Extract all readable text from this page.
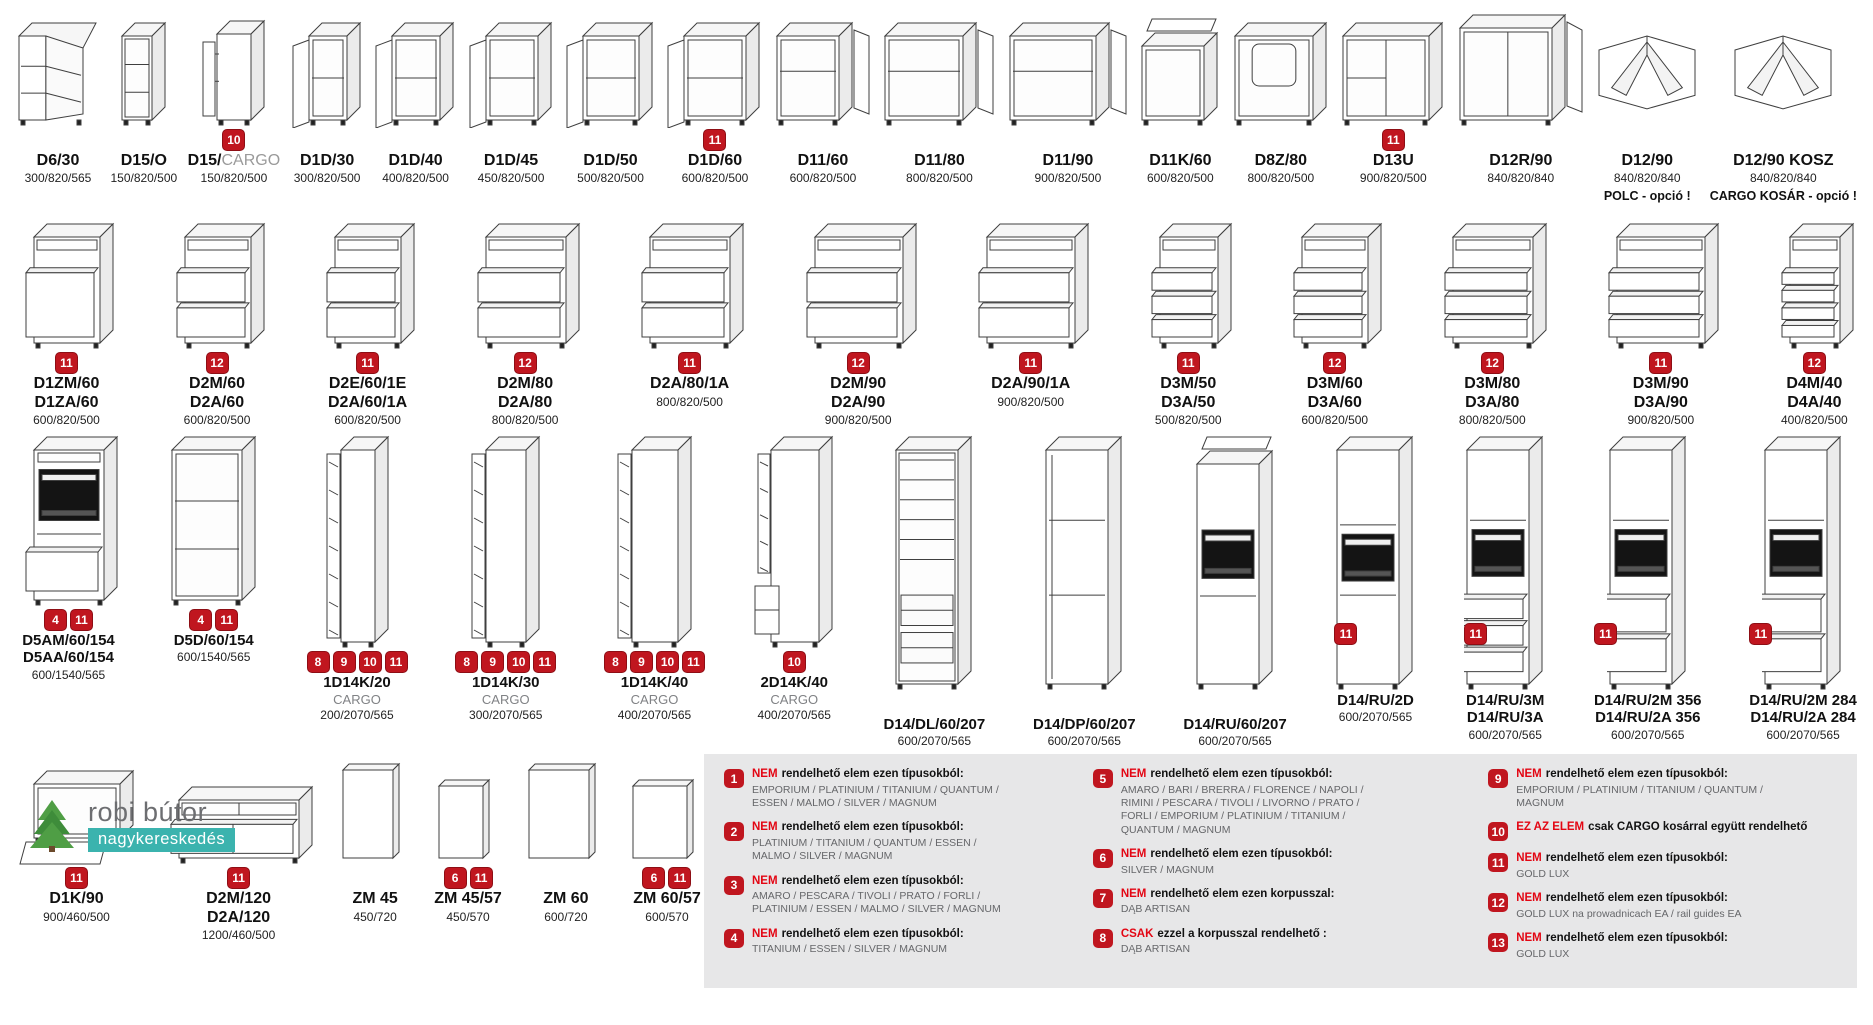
D6/30
300/820/565
D15/O
150/820/500
10
D15/CARGO
150/820/500
D1D/30
300/820/500
D1D/40
400/820/500
D1D/45
450/820/500
D1D/50
500/820/500
11
D1D/60
600/820/500
D11/60
600/820/500
D11/80
800/820/500
D11/90
900/820/500
D11K/60
600/820/500
D8Z/80
800/820/500
11
D13U
900/820/500
D12R/90
840/820/840
D12/90
840/820/840
POLC - opció !
D12/90 KOSZ
840/820/840
CARGO KOSÁR - opció !
11
D1ZM/60
D1ZA/60
600/820/500
12
D2M/60
D2A/60
600/820/500
11
D2E/60/1E
D2A/60/1A
600/820/500
12
D2M/80
D2A/80
800/820/500
11
D2A/80/1A
800/820/500
12
D2M/90
D2A/90
900/820/500
11
D2A/90/1A
900/820/500
11
D3M/50
D3A/50
500/820/500
12
D3M/60
D3A/60
600/820/500
12
D3M/80
D3A/80
800/820/500
11
D3M/90
D3A/90
900/820/500
12
D4M/40
D4A/40
400/820/500
4	11
D5AM/60/154
D5AA/60/154
600/1540/565
4	11
D5D/60/154
600/1540/565	8	9	10	11
1D14K/20
CARGO
200/2070/565
8	9	10	11
1D14K/30
CARGO
300/2070/565
8	9	10	11
1D14K/40
CARGO
400/2070/565
10
2D14K/40
CARGO
400/2070/565
D14/DL/60/207
600/2070/565
D14/DP/60/207
600/2070/565
D14/RU/60/207
600/2070/565
11
D14/RU/2D
600/2070/565
11
D14/RU/3M
D14/RU/3A
600/2070/565
11
D14/RU/2M 356
D14/RU/2A 356
600/2070/565
11
D14/RU/2M 284
D14/RU/2A 284
600/2070/565
11
D1K/90
900/460/500
11
D2M/120
D2A/120
1200/460/500
ZM 45
450/720
6	11
ZM 45/57
450/570
ZM 60
600/720
6	11
ZM 60/57
600/570
1	NEM rendelhető elem ezen típusokból:
EMPORIUM / PLATINIUM / TITANIUM / QUANTUM / ESSEN / MALMO / SILVER / MAGNUM
2	NEM rendelhető elem ezen típusokból:
PLATINIUM / TITANIUM / QUANTUM / ESSEN / MALMO / SILVER / MAGNUM
3	NEM rendelhető elem ezen típusokból:
AMARO / PESCARA / TIVOLI / PRATO / FORLI / PLATINIUM / ESSEN / MALMO / SILVER / MAGNUM
4	NEM rendelhető elem ezen típusokból:
TITANIUM / ESSEN / SILVER / MAGNUM
5	NEM rendelhető elem ezen típusokból:
AMARO / BARI / BRERRA / FLORENCE / NAPOLI / RIMINI / PESCARA / TIVOLI / LIVORNO / PRATO / FORLI / EMPORIUM / PLATINIUM / TITANIUM / QUANTUM / MAGNUM
6	NEM rendelhető elem ezen típusokból:
SILVER / MAGNUM
7	NEM rendelhető elem ezen korpusszal:
DĄB ARTISAN
8	CSAK ezzel a korpusszal rendelhető :
DĄB ARTISAN
9	NEM rendelhető elem ezen típusokból:
EMPORIUM / PLATINIUM / TITANIUM / QUANTUM / MAGNUM
10 EZ AZ ELEM csak CARGO kosárral együtt rendelhető
11	NEM rendelhető elem ezen típusokból:
GOLD LUX
12 NEM rendelhető elem ezen típusokból:
GOLD LUX na prowadnicach EA / rail guides EA
13 NEM rendelhető elem ezen típusokból:
GOLD LUX
robi bútor
nagykereskedés
